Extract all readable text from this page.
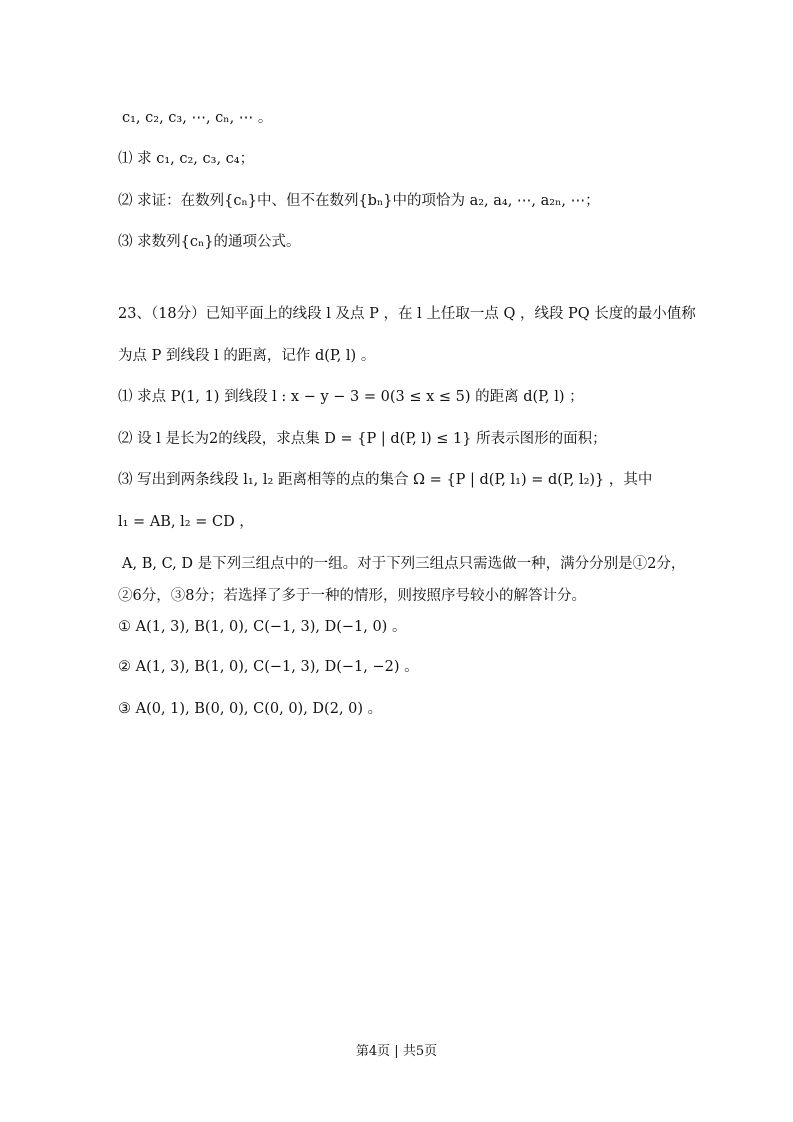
c₁, c₂, c₃, ⋯, cₙ, ⋯ 。
⑴ 求 c₁, c₂, c₃, c₄；
⑵ 求证：在数列{cₙ}中、但不在数列{bₙ}中的项恰为 a₂, a₄, ⋯, a₂ₙ, ⋯；
⑶ 求数列{cₙ}的通项公式。
23、（18分）已知平面上的线段 l 及点 P ，在 l 上任取一点 Q ，线段 PQ 长度的最小值称
为点 P 到线段 l 的距离，记作 d(P, l) 。
⑴ 求点 P(1, 1) 到线段 l : x − y − 3 = 0(3 ≤ x ≤ 5) 的距离 d(P, l) ；
⑵ 设 l 是长为2的线段，求点集 D = {P | d(P, l) ≤ 1} 所表示图形的面积；
⑶ 写出到两条线段 l₁, l₂ 距离相等的点的集合 Ω = {P | d(P, l₁) = d(P, l₂)} ，其中
l₁ = AB, l₂ = CD ，
A, B, C, D 是下列三组点中的一组。对于下列三组点只需选做一种，满分分别是①2分，
②6分，③8分；若选择了多于一种的情形，则按照序号较小的解答计分。
① A(1, 3), B(1, 0), C(−1, 3), D(−1, 0) 。
② A(1, 3), B(1, 0), C(−1, 3), D(−1, −2) 。
③ A(0, 1), B(0, 0), C(0, 0), D(2, 0) 。
第4页 | 共5页
